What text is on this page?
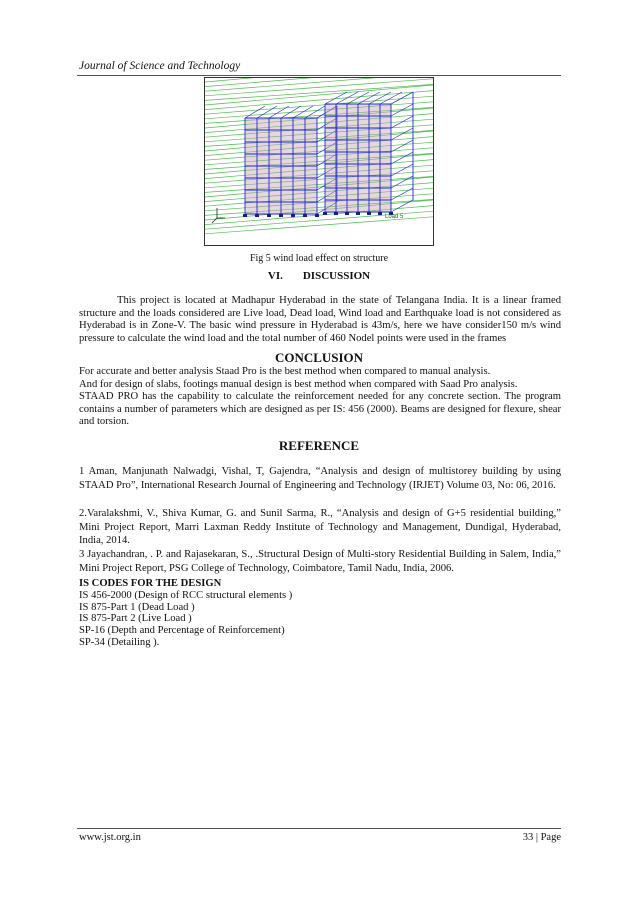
Journal of Science and Technology
Load 5
Fig 5 wind load effect on structure
VI. DISCUSSION

This project is located at Madhapur Hyderabad in the state of Telangana India. It is a linear framed structure and the loads considered are Live load, Dead load, Wind load and Earthquake load is not considered as Hyderabad is in Zone-V. The basic wind pressure in Hyderabad is 43m/s, here we have consider150 m/s wind pressure to calculate the wind load and the total number of 460 Nodel points were used in the frames

CONCLUSION

For accurate and better analysis Staad Pro is the best method when compared to manual analysis.

And for design of slabs, footings manual design is best method when compared with Saad Pro analysis.

STAAD PRO has the capability to calculate the reinforcement needed for any concrete section. The program contains a number of parameters which are designed as per IS: 456 (2000). Beams are designed for flexure, shear and torsion.

REFERENCE

1 Aman, Manjunath Nalwadgi, Vishal, T, Gajendra, “Analysis and design of multistorey building by using STAAD Pro”, International Research Journal of Engineering and Technology (IRJET) Volume 03, No: 06, 2016.

2.Varalakshmi, V., Shiva Kumar, G. and Sunil Sarma, R., “Analysis and design of G+5 residential building,” Mini Project Report, Marri Laxman Reddy Institute of Technology and Management, Dundigal, Hyderabad, India, 2014.

3 Jayachandran, . P. and Rajasekaran, S., .Structural Design of Multi-story Residential Building in Salem, India,” Mini Project Report, PSG College of Technology, Coimbatore, Tamil Nadu, India, 2006.

IS CODES FOR THE DESIGN
IS 456-2000 (Design of RCC structural elements )
IS 875-Part 1 (Dead Load )
IS 875-Part 2 (Live Load )
SP-16 (Depth and Percentage of Reinforcement)
SP-34 (Detailing ).
www.jst.org.in	33 | Page
